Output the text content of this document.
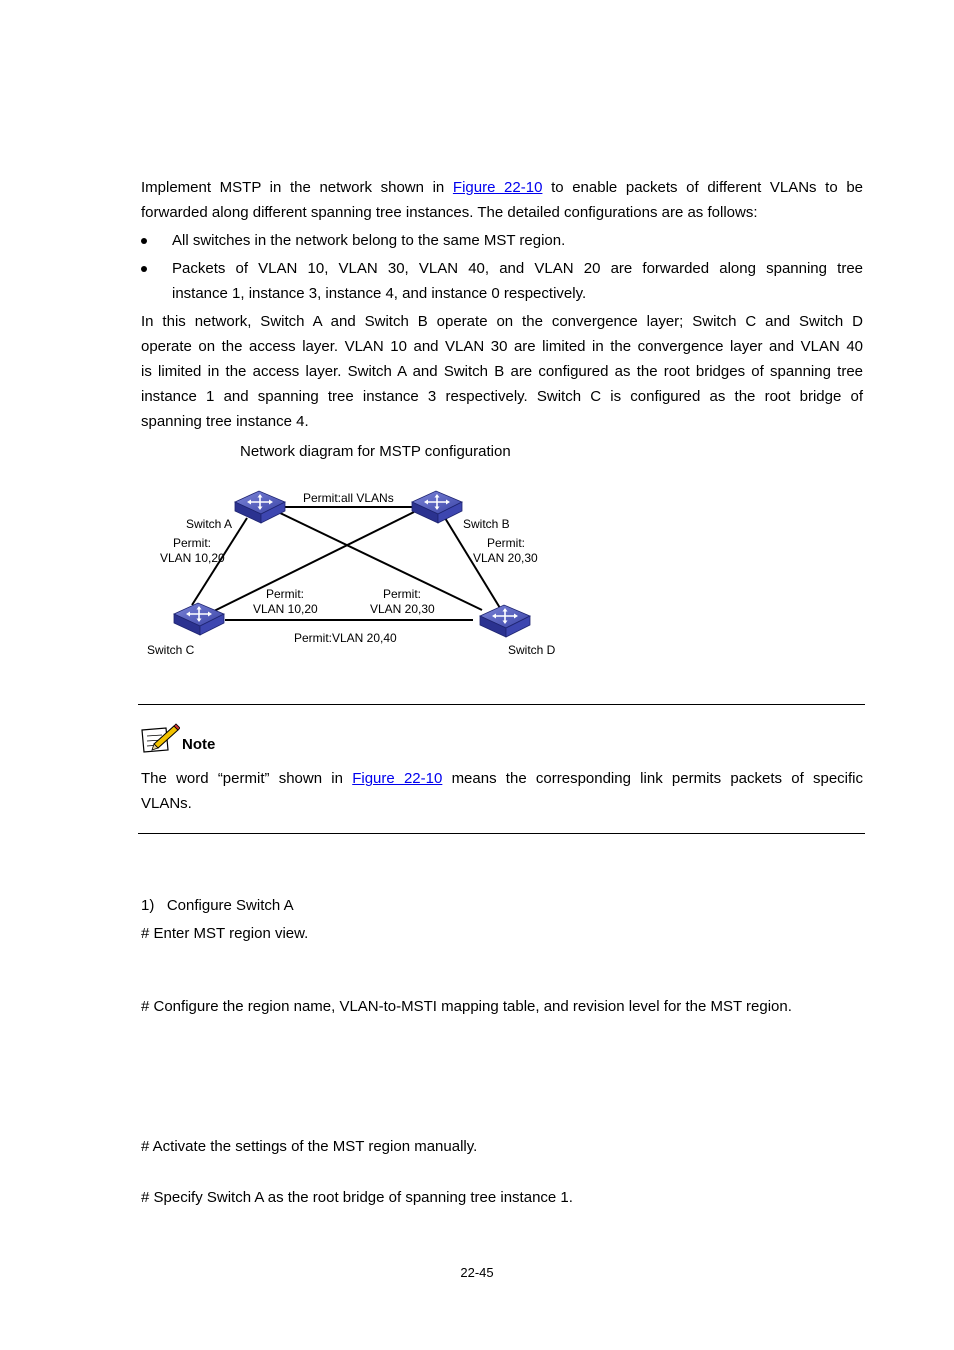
Implement MSTP in the network shown in Figure 22-10 to enable packets of different VLANs to be
forwarded along different spanning tree instances. The detailed configurations are as follows:
All switches in the network belong to the same MST region.
Packets of VLAN 10, VLAN 30, VLAN 40, and VLAN 20 are forwarded along spanning tree
instance 1, instance 3, instance 4, and instance 0 respectively.
In this network, Switch A and Switch B operate on the convergence layer; Switch C and Switch D
operate on the access layer. VLAN 10 and VLAN 30 are limited in the convergence layer and VLAN 40
is limited in the access layer. Switch A and Switch B are configured as the root bridges of spanning tree
instance 1 and spanning tree instance 3 respectively. Switch C is configured as the root bridge of
spanning tree instance 4.
Network diagram for MSTP configuration
SWITCH	SWITCH
SWITCH	SWITCH
Switch A	Switch B
Switch C	Switch D
Permit:all VLANs
Permit:
VLAN 10,20
Permit:
VLAN 20,30
Permit:
VLAN 10,20
Permit:
VLAN 20,30
Permit:VLAN 20,40
Note
The word “permit” shown in Figure 22-10 means the corresponding link permits packets of specific
VLANs.
1)   Configure Switch A
# Enter MST region view.
# Configure the region name, VLAN-to-MSTI mapping table, and revision level for the MST region.
# Activate the settings of the MST region manually.
# Specify Switch A as the root bridge of spanning tree instance 1.
22-45
